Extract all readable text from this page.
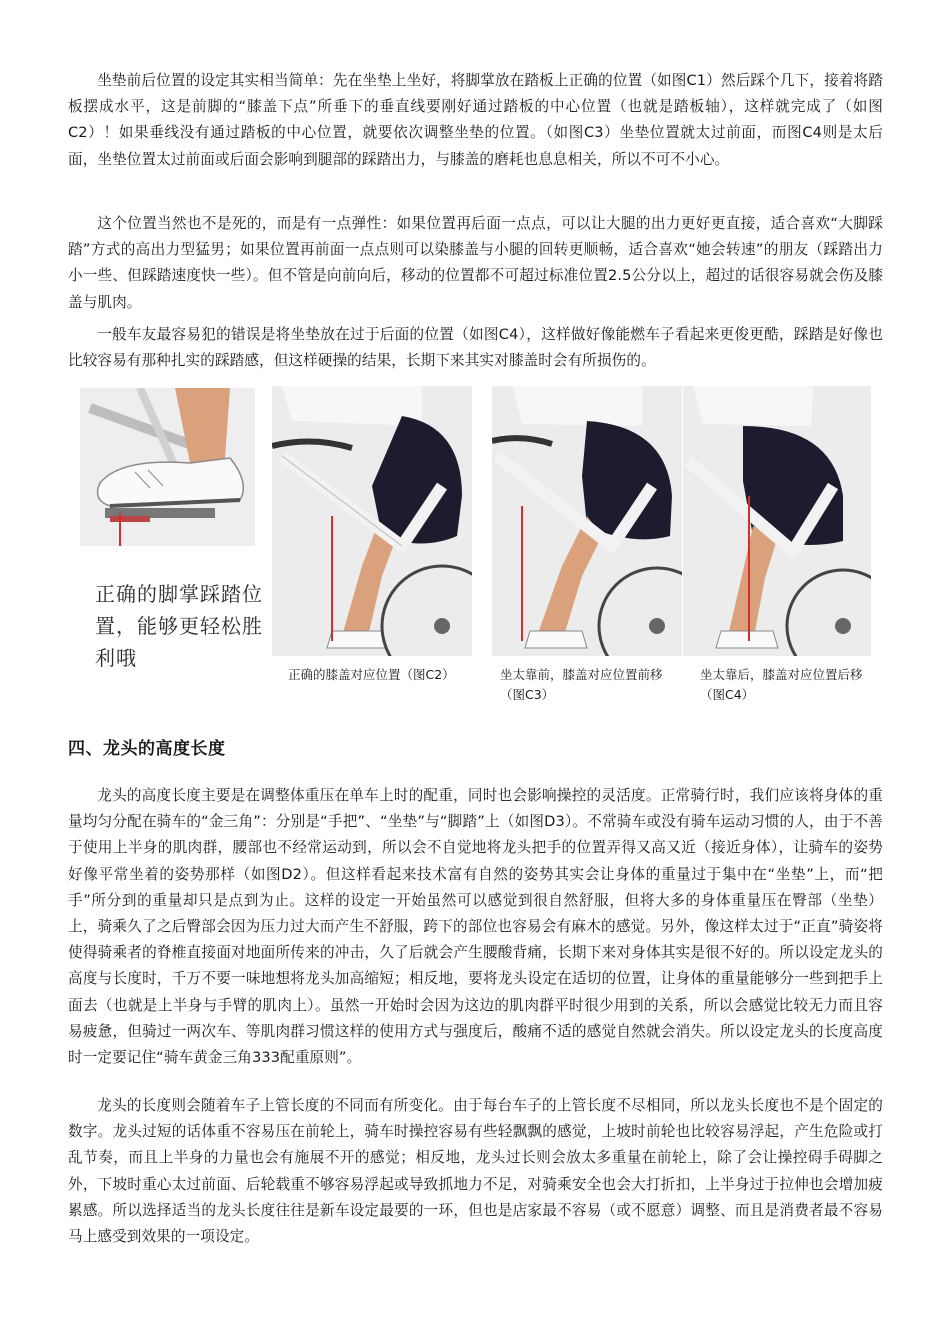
坐垫前后位置的设定其实相当简单：先在坐垫上坐好，将脚掌放在踏板上正确的位置（如图C1）然后踩个几下，接着将踏板摆成水平，这是前脚的“膝盖下点”所垂下的垂直线要刚好通过踏板的中心位置（也就是踏板轴），这样就完成了（如图C2）！如果垂线没有通过踏板的中心位置，就要依次调整坐垫的位置。（如图C3）坐垫位置就太过前面，而图C4则是太后面，坐垫位置太过前面或后面会影响到腿部的踩踏出力，与膝盖的磨耗也息息相关，所以不可不小心。

这个位置当然也不是死的，而是有一点弹性：如果位置再后面一点点，可以让大腿的出力更好更直接，适合喜欢“大脚踩踏”方式的高出力型猛男；如果位置再前面一点点则可以染膝盖与小腿的回转更顺畅，适合喜欢“她会转速”的朋友（踩踏出力小一些、但踩踏速度快一些）。但不管是向前向后，移动的位置都不可超过标准位置2.5公分以上，超过的话很容易就会伤及膝盖与肌肉。

一般车友最容易犯的错误是将坐垫放在过于后面的位置（如图C4），这样做好像能燃车子看起来更俊更酷，踩踏是好像也比较容易有那种扎实的踩踏感，但这样硬操的结果，长期下来其实对膝盖时会有所损伤的。

正确的脚掌踩踏位置，能够更轻松胜利哦
正确的膝盖对应位置（图C2）	坐太靠前，膝盖对应位置前移（图C3）
坐太靠后，膝盖对应位置后移（图C4）
四、龙头的高度长度

龙头的高度长度主要是在调整体重压在单车上时的配重，同时也会影响操控的灵活度。正常骑行时，我们应该将身体的重量均匀分配在骑车的“金三角”：分别是“手把”、“坐垫”与“脚踏”上（如图D3）。不常骑车或没有骑车运动习惯的人，由于不善于使用上半身的肌肉群，腰部也不经常运动到，所以会不自觉地将龙头把手的位置弄得又高又近（接近身体），让骑车的姿势好像平常坐着的姿势那样（如图D2）。但这样看起来技术富有自然的姿势其实会让身体的重量过于集中在“坐垫”上，而“把手”所分到的重量却只是点到为止。这样的设定一开始虽然可以感觉到很自然舒服，但将大多的身体重量压在臀部（坐垫）上，骑乘久了之后臀部会因为压力过大而产生不舒服，跨下的部位也容易会有麻木的感觉。另外，像这样太过于“正直”骑姿将使得骑乘者的脊椎直接面对地面所传来的冲击，久了后就会产生腰酸背痛，长期下来对身体其实是很不好的。所以设定龙头的高度与长度时，千万不要一味地想将龙头加高缩短；相反地，要将龙头设定在适切的位置，让身体的重量能够分一些到把手上面去（也就是上半身与手臂的肌肉上）。虽然一开始时会因为这边的肌肉群平时很少用到的关系，所以会感觉比较无力而且容易疲惫，但骑过一两次车、等肌肉群习惯这样的使用方式与强度后，酸痛不适的感觉自然就会消失。所以设定龙头的长度高度时一定要记住“骑车黄金三角333配重原则”。

龙头的长度则会随着车子上管长度的不同而有所变化。由于每台车子的上管长度不尽相同，所以龙头长度也不是个固定的数字。龙头过短的话体重不容易压在前轮上，骑车时操控容易有些轻飘飘的感觉，上坡时前轮也比较容易浮起，产生危险或打乱节奏，而且上半身的力量也会有施展不开的感觉；相反地，龙头过长则会放太多重量在前轮上，除了会让操控碍手碍脚之外，下坡时重心太过前面、后轮载重不够容易浮起或导致抓地力不足，对骑乘安全也会大打折扣，上半身过于拉伸也会增加疲累感。所以选择适当的龙头长度往往是新车设定最要的一环，但也是店家最不容易（或不愿意）调整、而且是消费者最不容易马上感受到效果的一项设定。
